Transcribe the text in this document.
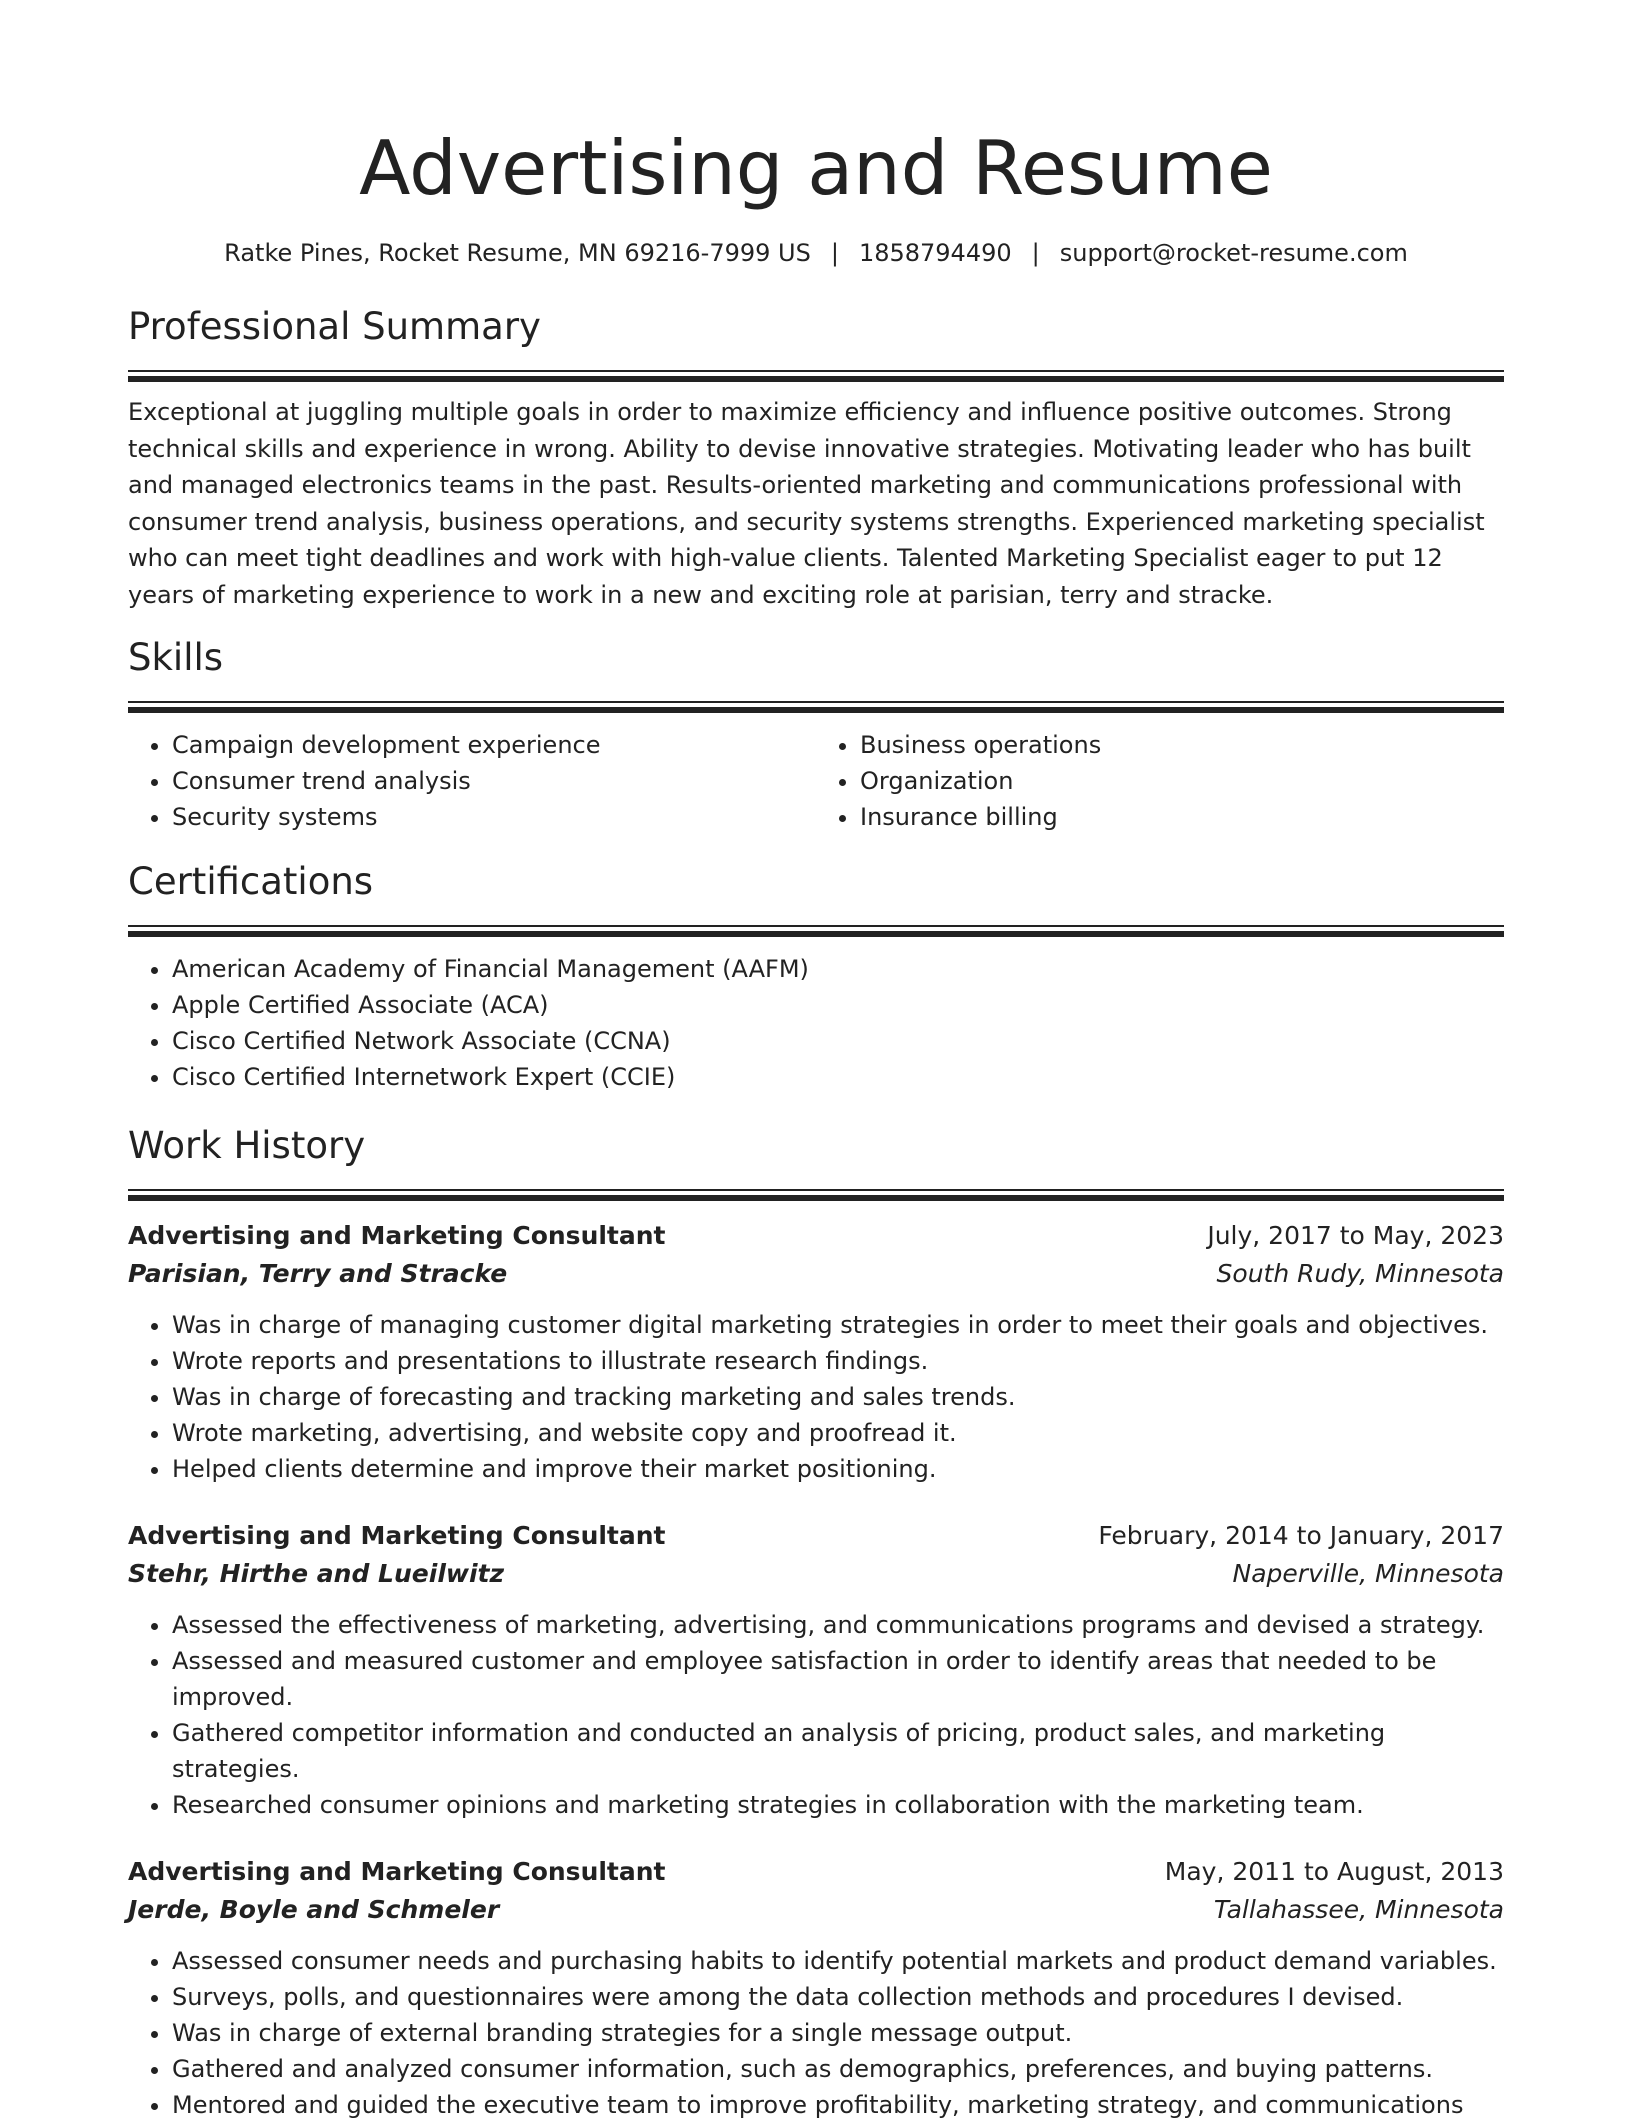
Advertising and Resume
Ratke Pines, Rocket Resume, MN 69216-7999 US | 1858794490 | support@rocket-resume.com
Professional Summary

Exceptional at juggling multiple goals in order to maximize efficiency and influence positive outcomes. Strong technical skills and experience in wrong. Ability to devise innovative strategies. Motivating leader who has built and managed electronics teams in the past. Results-oriented marketing and communications professional with consumer trend analysis, business operations, and security systems strengths. Experienced marketing specialist who can meet tight deadlines and work with high-value clients. Talented Marketing Specialist eager to put 12 years of marketing experience to work in a new and exciting role at parisian, terry and stracke.

Skills
• Campaign development experience
• Consumer trend analysis
• Security systems
• Business operations
• Organization
• Insurance billing
Certifications
• American Academy of Financial Management (AAFM)
• Apple Certified Associate (ACA)
• Cisco Certified Network Associate (CCNA)
• Cisco Certified Internetwork Expert (CCIE)
Work History
Advertising and Marketing Consultant	July, 2017 to May, 2023
Parisian, Terry and Stracke	South Rudy, Minnesota
• Was in charge of managing customer digital marketing strategies in order to meet their goals and objectives.
• Wrote reports and presentations to illustrate research findings.
• Was in charge of forecasting and tracking marketing and sales trends.
• Wrote marketing, advertising, and website copy and proofread it.
• Helped clients determine and improve their market positioning.
Advertising and Marketing Consultant	February, 2014 to January, 2017
Stehr, Hirthe and Lueilwitz	Naperville, Minnesota
• Assessed the effectiveness of marketing, advertising, and communications programs and devised a strategy.
• Assessed and measured customer and employee satisfaction in order to identify areas that needed to be improved.
• Gathered competitor information and conducted an analysis of pricing, product sales, and marketing strategies.
• Researched consumer opinions and marketing strategies in collaboration with the marketing team.
Advertising and Marketing Consultant	May, 2011 to August, 2013
Jerde, Boyle and Schmeler	Tallahassee, Minnesota
• Assessed consumer needs and purchasing habits to identify potential markets and product demand variables.
• Surveys, polls, and questionnaires were among the data collection methods and procedures I devised.
• Was in charge of external branding strategies for a single message output.
• Gathered and analyzed consumer information, such as demographics, preferences, and buying patterns.
• Mentored and guided the executive team to improve profitability, marketing strategy, and communications
